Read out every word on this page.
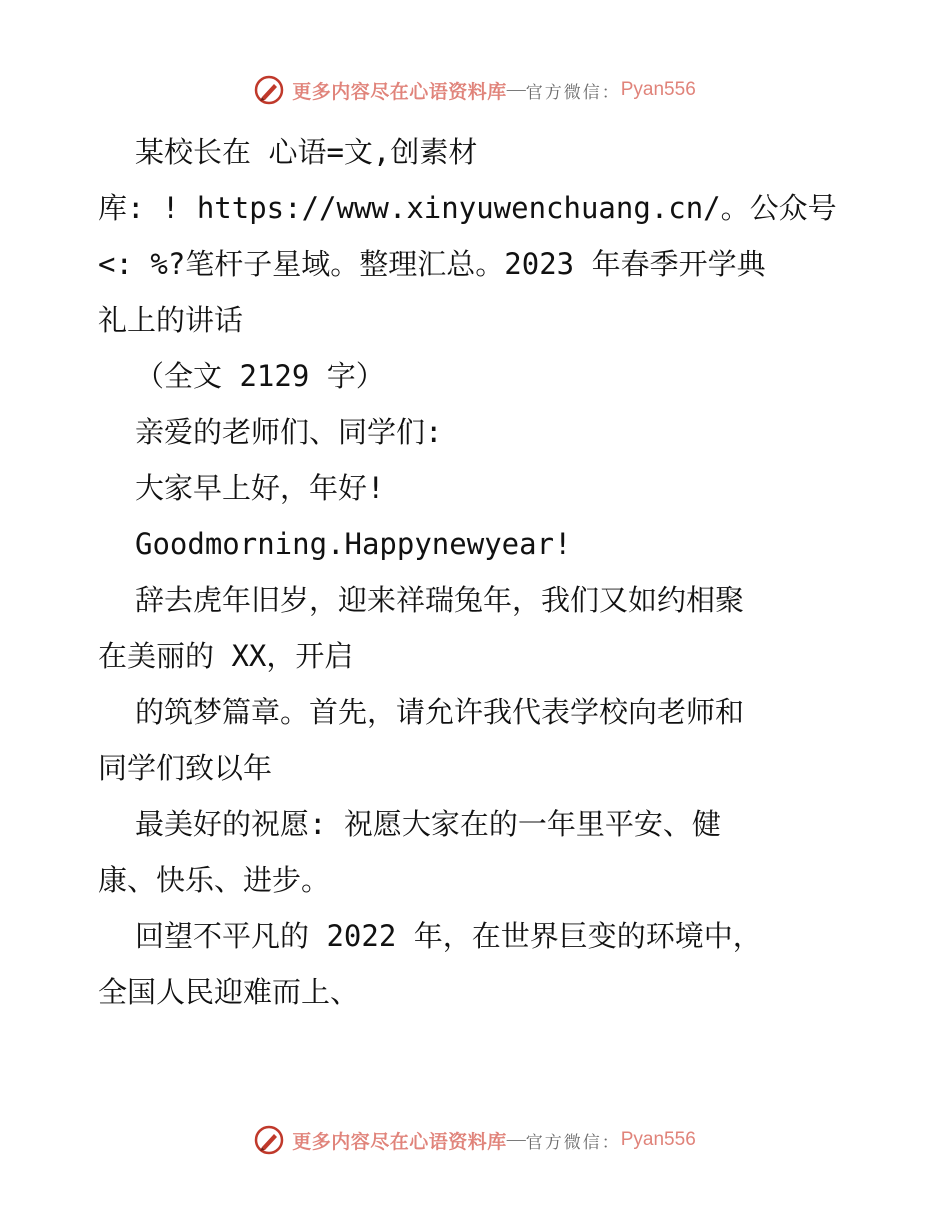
更多内容尽在心语资料库 — 官方微信： Pyan556
某校长在 心语=文,创素材
库: ! https://www.xinyuwenchuang.cn/。公众号
<: %?笔杆子星域。整理汇总。2023 年春季开学典
礼上的讲话
（全文 2129 字）
亲爱的老师们、同学们:
大家早上好，年好!
Goodmorning.Happynewyear!
辞去虎年旧岁，迎来祥瑞兔年，我们又如约相聚
在美丽的 XX，开启
的筑梦篇章。首先，请允许我代表学校向老师和
同学们致以年
最美好的祝愿: 祝愿大家在的一年里平安、健
康、快乐、进步。
回望不平凡的 2022 年，在世界巨变的环境中，
全国人民迎难而上、
更多内容尽在心语资料库 — 官方微信： Pyan556
